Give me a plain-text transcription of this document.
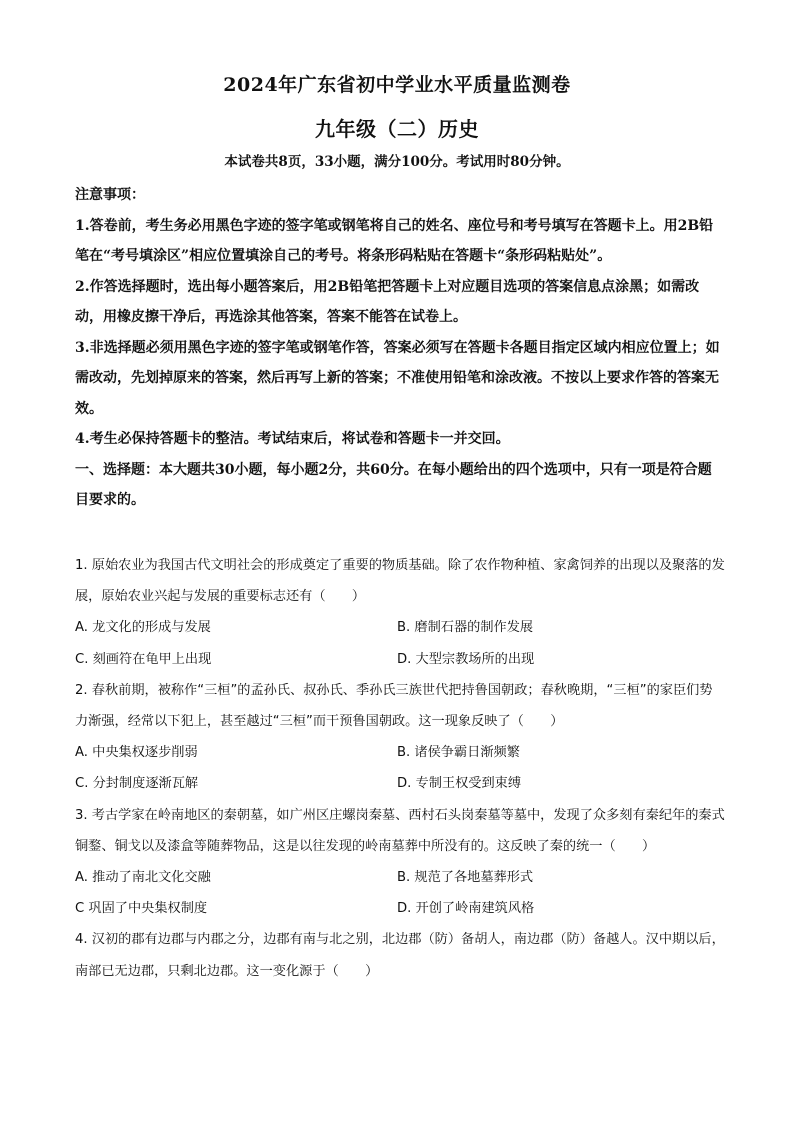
2024年广东省初中学业水平质量监测卷
九年级（二）历史
本试卷共8页，33小题，满分100分。考试用时80分钟。

注意事项：

1.答卷前，考生务必用黑色字迹的签字笔或钢笔将自己的姓名、座位号和考号填写在答题卡上。用2B铅笔在“考号填涂区”相应位置填涂自己的考号。将条形码粘贴在答题卡“条形码粘贴处”。

2.作答选择题时，选出每小题答案后，用2B铅笔把答题卡上对应题目选项的答案信息点涂黑；如需改动，用橡皮擦干净后，再选涂其他答案，答案不能答在试卷上。

3.非选择题必须用黑色字迹的签字笔或钢笔作答，答案必须写在答题卡各题目指定区域内相应位置上；如需改动，先划掉原来的答案，然后再写上新的答案；不准使用铅笔和涂改液。不按以上要求作答的答案无效。

4.考生必保持答题卡的整洁。考试结束后，将试卷和答题卡一并交回。

一、选择题：本大题共30小题，每小题2分，共60分。在每小题给出的四个选项中，只有一项是符合题目要求的。

1. 原始农业为我国古代文明社会的形成奠定了重要的物质基础。除了农作物种植、家禽饲养的出现以及聚落的发展，原始农业兴起与发展的重要标志还有（　　）

A. 龙文化的形成与发展	B. 磨制石器的制作发展
C. 刻画符在龟甲上出现	D. 大型宗教场所的出现

2. 春秋前期，被称作“三桓”的孟孙氏、叔孙氏、季孙氏三族世代把持鲁国朝政；春秋晚期，“三桓”的家臣们势力渐强，经常以下犯上，甚至越过“三桓”而干预鲁国朝政。这一现象反映了（　　）

A. 中央集权逐步削弱	B. 诸侯争霸日渐频繁
C. 分封制度逐渐瓦解	D. 专制王权受到束缚

3. 考古学家在岭南地区的秦朝墓，如广州区庄螺岗秦墓、西村石头岗秦墓等墓中，发现了众多刻有秦纪年的秦式铜鍪、铜戈以及漆盒等随葬物品，这是以往发现的岭南墓葬中所没有的。这反映了秦的统一（　　）

A. 推动了南北文化交融	B. 规范了各地墓葬形式
C 巩固了中央集权制度	D. 开创了岭南建筑风格

4. 汉初的郡有边郡与内郡之分，边郡有南与北之别，北边郡（防）备胡人，南边郡（防）备越人。汉中期以后，南部已无边郡，只剩北边郡。这一变化源于（　　）
